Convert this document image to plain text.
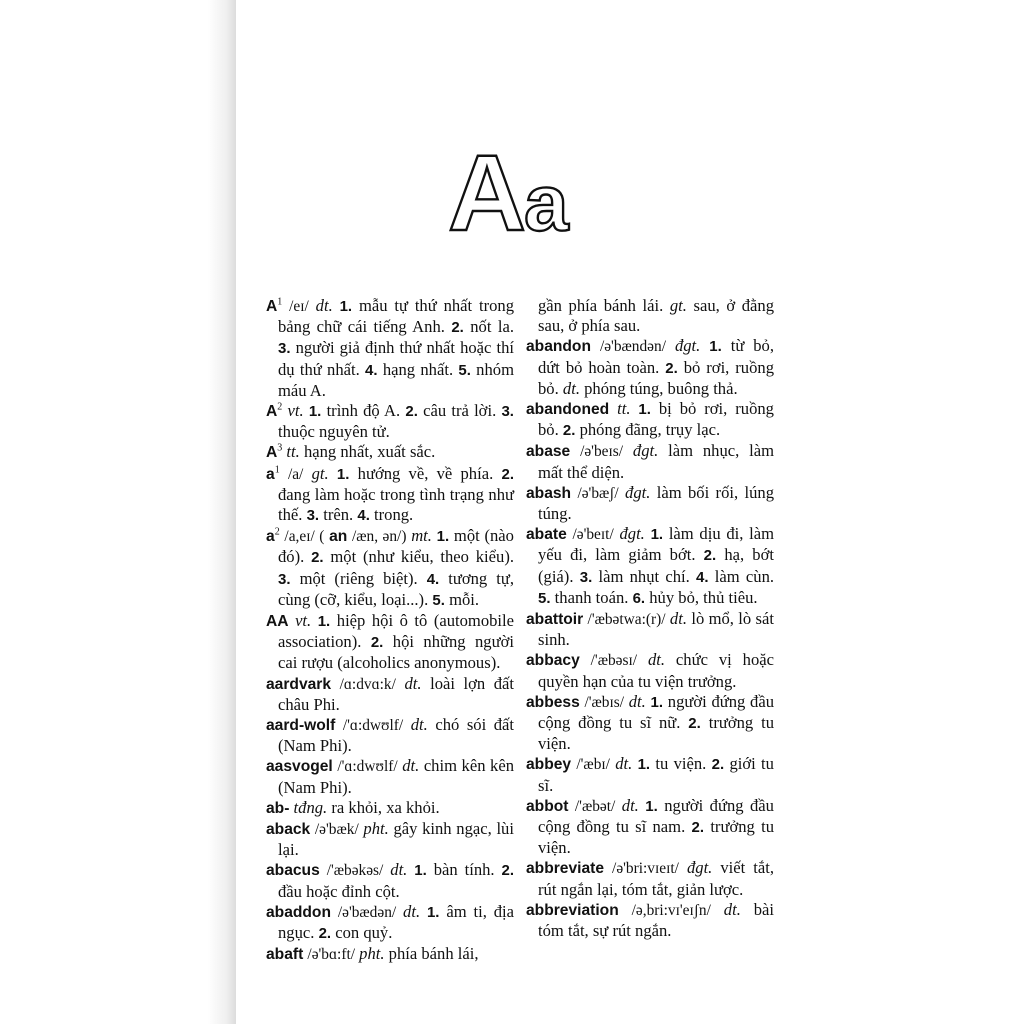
A
a

$A^1$ /eɪ/ dt. 1. mẫu tự thứ nhất trong bảng chữ cái tiếng Anh. 2. nốt la. 3. người giả định thứ nhất hoặc thí dụ thứ nhất. 4. hạng nhất. 5. nhóm máu A.

$A^2$ vt. 1. trình độ A. 2. câu trả lời. 3. thuộc nguyên tử.

$A^3$ tt. hạng nhất, xuất sắc.

$a^1$ /a/ gt. 1. hướng về, về phía. 2. đang làm hoặc trong tình trạng như thế. 3. trên. 4. trong.

$a^2$ /a,eɪ/ ( an /æn, ən/) mt. 1. một (nào đó). 2. một (như kiểu, theo kiểu). 3. một (riêng biệt). 4. tương tự, cùng (cỡ, kiểu, loại...). 5. mỗi.

AA vt. 1. hiệp hội ô tô (automobile association). 2. hội những người cai rượu (alcoholics anonymous).

aardvark /ɑ:dvɑ:k/ dt. loài lợn đất châu Phi.

aard-wolf /'ɑ:dwʊlf/ dt. chó sói đất (Nam Phi).

aasvogel /'ɑ:dwʊlf/ dt. chim kên kên (Nam Phi).

ab- tđng. ra khỏi, xa khỏi.

aback /ə'bæk/ pht. gây kinh ngạc, lùi lại.

abacus /'æbəkəs/ dt. 1. bàn tính. 2. đầu hoặc đỉnh cột.

abaddon /ə'bædən/ dt. 1. âm ti, địa ngục. 2. con quỷ.

abaft /ə'bɑ:ft/ pht. phía bánh lái,

gần phía bánh lái. gt. sau, ở đằng sau, ở phía sau.

abandon /ə'bændən/ đgt. 1. từ bỏ, dứt bỏ hoàn toàn. 2. bỏ rơi, ruồng bỏ. dt. phóng túng, buông thả.

abandoned tt. 1. bị bỏ rơi, ruồng bỏ. 2. phóng đãng, trụy lạc.

abase /ə'beɪs/ đgt. làm nhục, làm mất thể diện.

abash /ə'bæʃ/ đgt. làm bối rối, lúng túng.

abate /ə'beɪt/ đgt. 1. làm dịu đi, làm yếu đi, làm giảm bớt. 2. hạ, bớt (giá). 3. làm nhụt chí. 4. làm cùn. 5. thanh toán. 6. hủy bỏ, thủ tiêu.

abattoir /'æbətwa:(r)/ dt. lò mổ, lò sát sinh.

abbacy /'æbəsɪ/ dt. chức vị hoặc quyền hạn của tu viện trưởng.

abbess /'æbɪs/ dt. 1. người đứng đầu cộng đồng tu sĩ nữ. 2. trưởng tu viện.

abbey /'æbɪ/ dt. 1. tu viện. 2. giới tu sĩ.

abbot /'æbət/ dt. 1. người đứng đầu cộng đồng tu sĩ nam. 2. trưởng tu viện.

abbreviate /ə'bri:vɪeɪt/ đgt. viết tắt, rút ngắn lại, tóm tắt, giản lược.

abbreviation /ə,bri:vɪ'eɪʃn/ dt. bài tóm tắt, sự rút ngắn.
